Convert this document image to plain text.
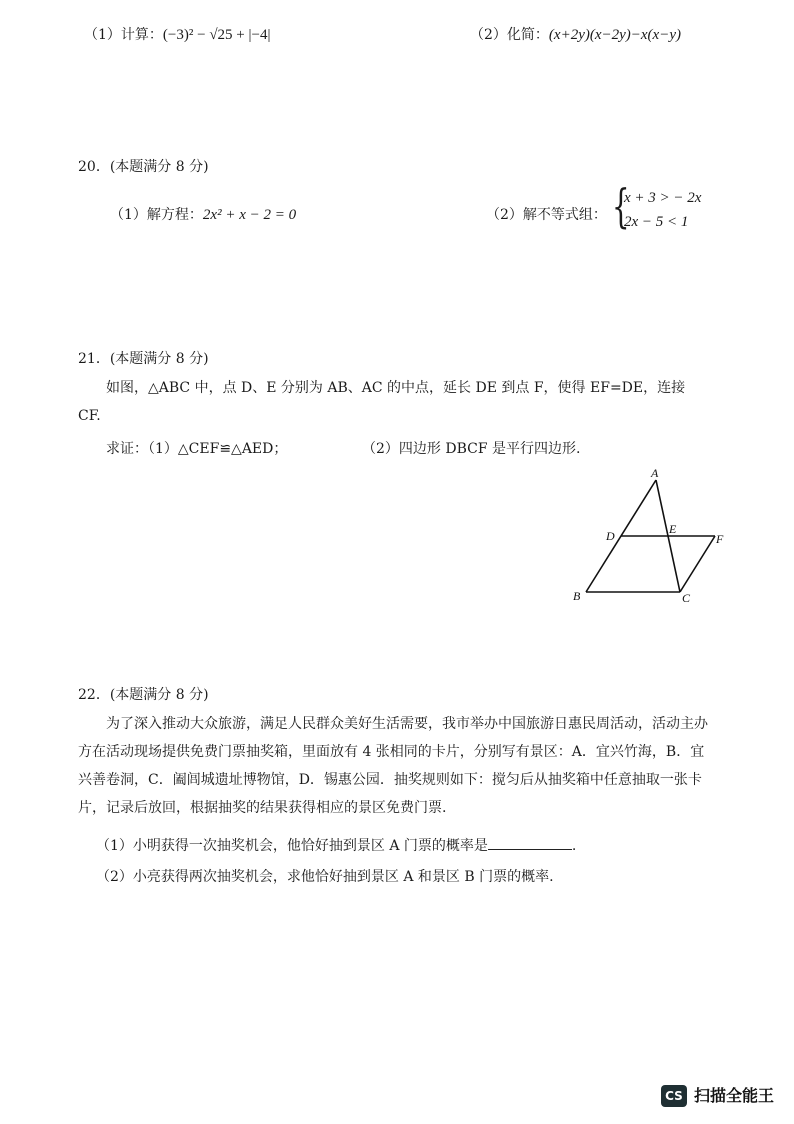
（1）计算：(−3)² − √25 + |−4|	（2）化简：(x+2y)(x−2y)−x(x−y)
20．(本题满分 8 分)
（1）解方程：2x² + x − 2 = 0	（2）解不等式组： {
x + 3 > − 2x
2x − 5 < 1
21．(本题满分 8 分)
如图，△ABC 中，点 D、E 分别为 AB、AC 的中点，延长 DE 到点 F，使得 EF=DE，连接 CF.
求证：（1）△CEF≌△AED；	（2）四边形 DBCF 是平行四边形.
A
D	E
F
B	C
22．(本题满分 8 分)
为了深入推动大众旅游，满足人民群众美好生活需要，我市举办中国旅游日惠民周活动，活动主办方在活动现场提供免费门票抽奖箱，里面放有 4 张相同的卡片，分别写有景区：A．宜兴竹海，B．宜兴善卷洞，C．阖闾城遗址博物馆，D．锡惠公园．抽奖规则如下：搅匀后从抽奖箱中任意抽取一张卡片，记录后放回，根据抽奖的结果获得相应的景区免费门票.
（1）小明获得一次抽奖机会，他恰好抽到景区 A 门票的概率是	.
（2）小亮获得两次抽奖机会，求他恰好抽到景区 A 和景区 B 门票的概率.
CS 扫描全能王
